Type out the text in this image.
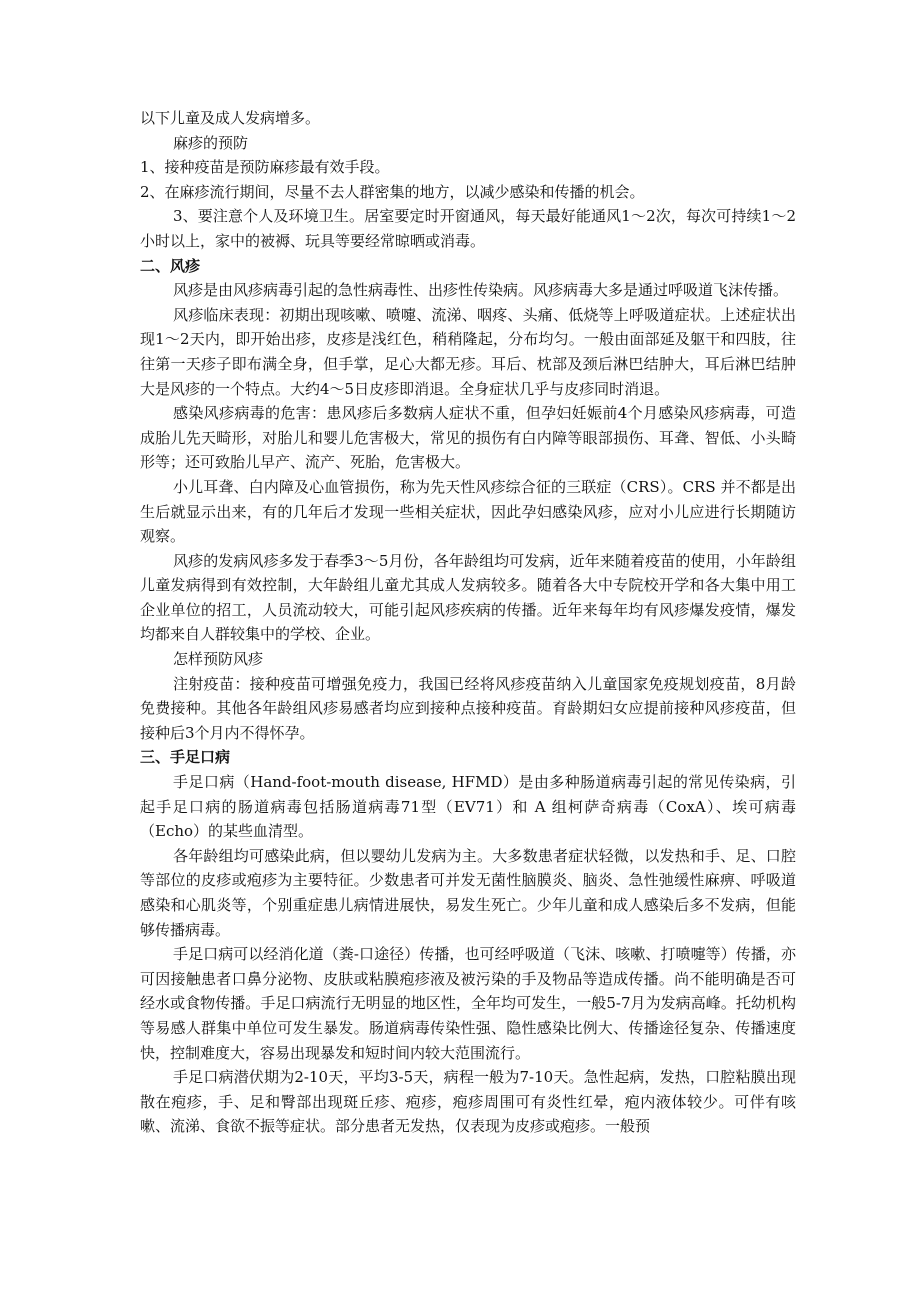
以下儿童及成人发病增多。

麻疹的预防

1、接种疫苗是预防麻疹最有效手段。

2、在麻疹流行期间，尽量不去人群密集的地方，以减少感染和传播的机会。

3、要注意个人及环境卫生。居室要定时开窗通风，每天最好能通风1～2次，每次可持续1～2小时以上，家中的被褥、玩具等要经常晾晒或消毒。

二、风疹

风疹是由风疹病毒引起的急性病毒性、出疹性传染病。风疹病毒大多是通过呼吸道飞沫传播。

风疹临床表现：初期出现咳嗽、喷嚏、流涕、咽疼、头痛、低烧等上呼吸道症状。上述症状出现1～2天内，即开始出疹，皮疹是浅红色，稍稍隆起，分布均匀。一般由面部延及躯干和四肢，往往第一天疹子即布满全身，但手掌，足心大都无疹。耳后、枕部及颈后淋巴结肿大，耳后淋巴结肿大是风疹的一个特点。大约4～5日皮疹即消退。全身症状几乎与皮疹同时消退。

感染风疹病毒的危害：患风疹后多数病人症状不重，但孕妇妊娠前4个月感染风疹病毒，可造成胎儿先天畸形，对胎儿和婴儿危害极大，常见的损伤有白内障等眼部损伤、耳聋、智低、小头畸形等；还可致胎儿早产、流产、死胎，危害极大。

小儿耳聋、白内障及心血管损伤，称为先天性风疹综合征的三联症（CRS）。CRS 并不都是出生后就显示出来，有的几年后才发现一些相关症状，因此孕妇感染风疹，应对小儿应进行长期随访观察。

风疹的发病风疹多发于春季3～5月份，各年龄组均可发病，近年来随着疫苗的使用，小年龄组儿童发病得到有效控制，大年龄组儿童尤其成人发病较多。随着各大中专院校开学和各大集中用工企业单位的招工，人员流动较大，可能引起风疹疾病的传播。近年来每年均有风疹爆发疫情，爆发均都来自人群较集中的学校、企业。

怎样预防风疹

注射疫苗：接种疫苗可增强免疫力，我国已经将风疹疫苗纳入儿童国家免疫规划疫苗，8月龄免费接种。其他各年龄组风疹易感者均应到接种点接种疫苗。育龄期妇女应提前接种风疹疫苗，但接种后3个月内不得怀孕。

三、手足口病

手足口病（Hand-foot-mouth disease, HFMD）是由多种肠道病毒引起的常见传染病，引起手足口病的肠道病毒包括肠道病毒71型（EV71）和 A 组柯萨奇病毒（CoxA）、埃可病毒（Echo）的某些血清型。

各年龄组均可感染此病，但以婴幼儿发病为主。大多数患者症状轻微，以发热和手、足、口腔等部位的皮疹或疱疹为主要特征。少数患者可并发无菌性脑膜炎、脑炎、急性弛缓性麻痹、呼吸道感染和心肌炎等，个别重症患儿病情进展快，易发生死亡。少年儿童和成人感染后多不发病，但能够传播病毒。

手足口病可以经消化道（粪-口途径）传播，也可经呼吸道（飞沫、咳嗽、打喷嚏等）传播，亦可因接触患者口鼻分泌物、皮肤或粘膜疱疹液及被污染的手及物品等造成传播。尚不能明确是否可经水或食物传播。手足口病流行无明显的地区性，全年均可发生，一般5-7月为发病高峰。托幼机构等易感人群集中单位可发生暴发。肠道病毒传染性强、隐性感染比例大、传播途径复杂、传播速度快，控制难度大，容易出现暴发和短时间内较大范围流行。

手足口病潜伏期为2-10天，平均3-5天，病程一般为7-10天。急性起病，发热，口腔粘膜出现散在疱疹，手、足和臀部出现斑丘疹、疱疹，疱疹周围可有炎性红晕，疱内液体较少。可伴有咳嗽、流涕、食欲不振等症状。部分患者无发热，仅表现为皮疹或疱疹。一般预
